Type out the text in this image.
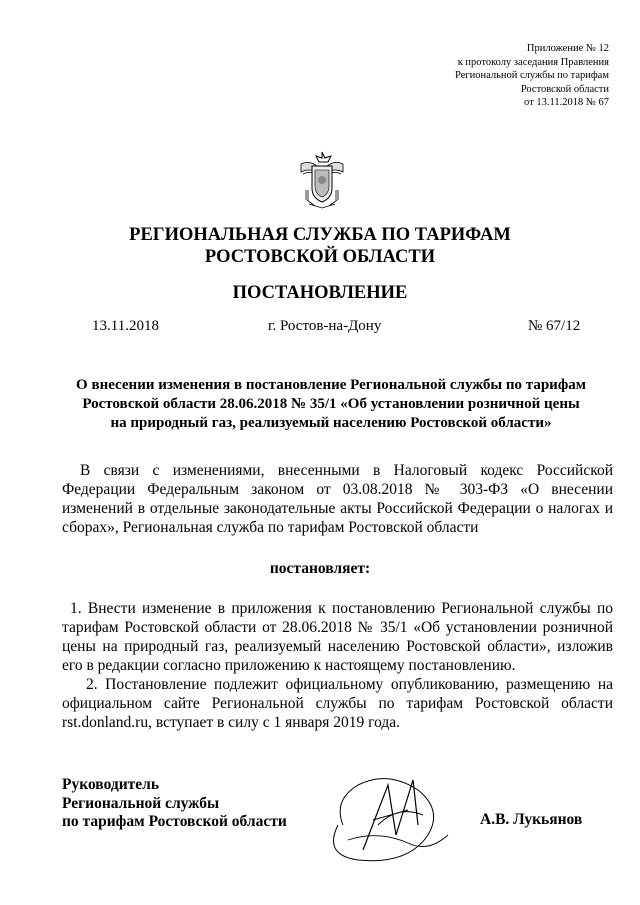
Приложение № 12
к протоколу заседания Правления
Региональной службы по тарифам
Ростовской области
от 13.11.2018 № 67
РЕГИОНАЛЬНАЯ СЛУЖБА ПО ТАРИФАМ
РОСТОВСКОЙ ОБЛАСТИ
ПОСТАНОВЛЕНИЕ
13.11.2018	г. Ростов-на-Дону	№ 67/12
О внесении изменения в постановление Региональной службы по тарифам Ростовской области 28.06.2018 № 35/1 «Об установлении розничной цены на природный газ, реализуемый населению Ростовской области»
В связи с изменениями, внесенными в Налоговый кодекс Российской Федерации Федеральным законом от 03.08.2018 № 303-ФЗ «О внесении изменений в отдельные законодательные акты Российской Федерации о налогах и сборах», Региональная служба по тарифам Ростовской области
постановляет:
1. Внести изменение в приложения к постановлению Региональной службы по тарифам Ростовской области от 28.06.2018 № 35/1 «Об установлении розничной цены на природный газ, реализуемый населению Ростовской области», изложив его в редакции согласно приложению к настоящему постановлению.
2. Постановление подлежит официальному опубликованию, размещению на официальном сайте Региональной службы по тарифам Ростовской области rst.donland.ru, вступает в силу с 1 января 2019 года.
Руководитель
Региональной службы
по тарифам Ростовской области	А.В. Лукьянов
